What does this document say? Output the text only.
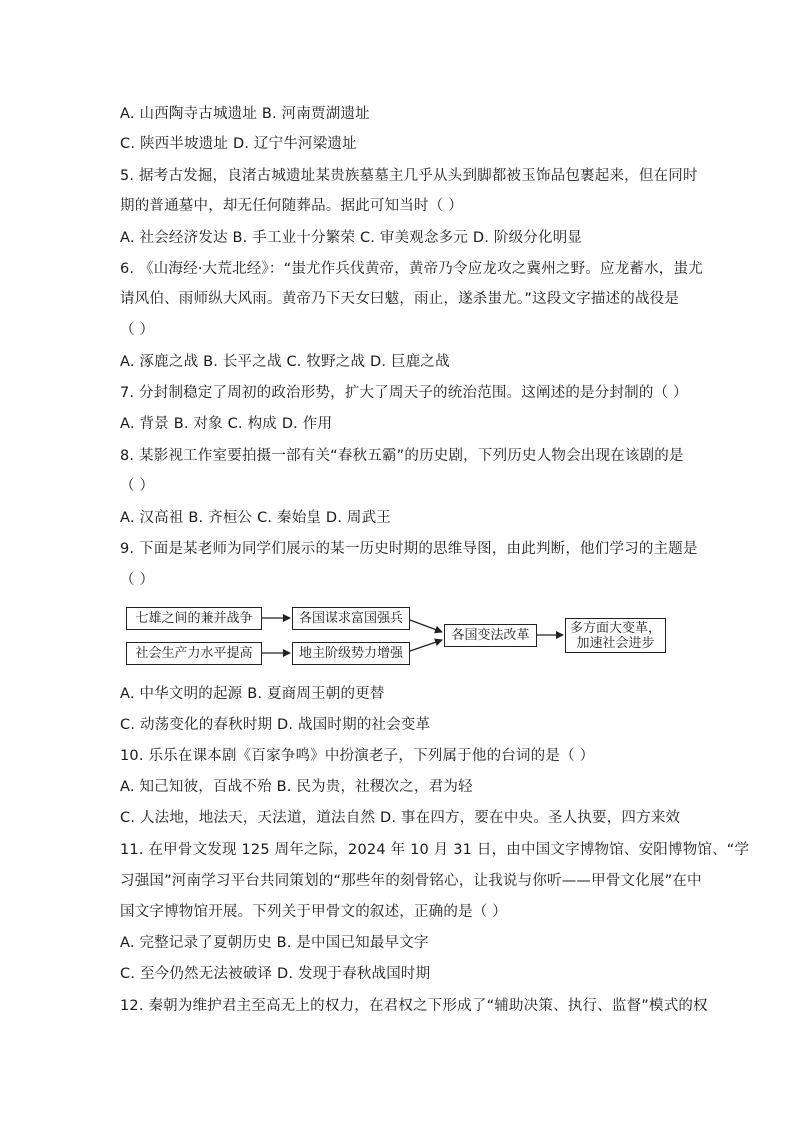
A. 山西陶寺古城遗址 B. 河南贾湖遗址
C. 陕西半坡遗址 D. 辽宁牛河梁遗址
5. 据考古发掘，良渚古城遗址某贵族墓墓主几乎从头到脚都被玉饰品包裹起来，但在同时
期的普通墓中，却无任何随葬品。据此可知当时（ ）
A. 社会经济发达 B. 手工业十分繁荣 C. 审美观念多元 D. 阶级分化明显
6. 《山海经·大荒北经》：“蚩尤作兵伐黄帝，黄帝乃令应龙攻之冀州之野。应龙蓄水，蚩尤
请风伯、雨师纵大风雨。黄帝乃下天女曰魃，雨止，遂杀蚩尤。”这段文字描述的战役是
（ ）
A. 涿鹿之战 B. 长平之战 C. 牧野之战 D. 巨鹿之战
7. 分封制稳定了周初的政治形势，扩大了周天子的统治范围。这阐述的是分封制的（ ）
A. 背景 B. 对象 C. 构成 D. 作用
8. 某影视工作室要拍摄一部有关“春秋五霸”的历史剧，下列历史人物会出现在该剧的是
（ ）
A. 汉高祖 B. 齐桓公 C. 秦始皇 D. 周武王
9. 下面是某老师为同学们展示的某一历史时期的思维导图，由此判断，他们学习的主题是
（ ）
七雄之间的兼并战争
社会生产力水平提高
各国谋求富国强兵
地主阶级势力增强
各国变法改革	多方面大变革，
加速社会进步
A. 中华文明的起源 B. 夏商周王朝的更替
C. 动荡变化的春秋时期 D. 战国时期的社会变革
10. 乐乐在课本剧《百家争鸣》中扮演老子，下列属于他的台词的是（ ）
A. 知己知彼，百战不殆 B. 民为贵，社稷次之，君为轻
C. 人法地，地法天，天法道，道法自然 D. 事在四方，要在中央。圣人执要，四方来效
11. 在甲骨文发现 125 周年之际，2024 年 10 月 31 日，由中国文字博物馆、安阳博物馆、“学
习强国”河南学习平台共同策划的“那些年的刻骨铭心，让我说与你听——甲骨文化展”在中
国文字博物馆开展。下列关于甲骨文的叙述，正确的是（ ）
A. 完整记录了夏朝历史 B. 是中国已知最早文字
C. 至今仍然无法被破译 D. 发现于春秋战国时期
12. 秦朝为维护君主至高无上的权力，在君权之下形成了“辅助决策、执行、监督”模式的权
